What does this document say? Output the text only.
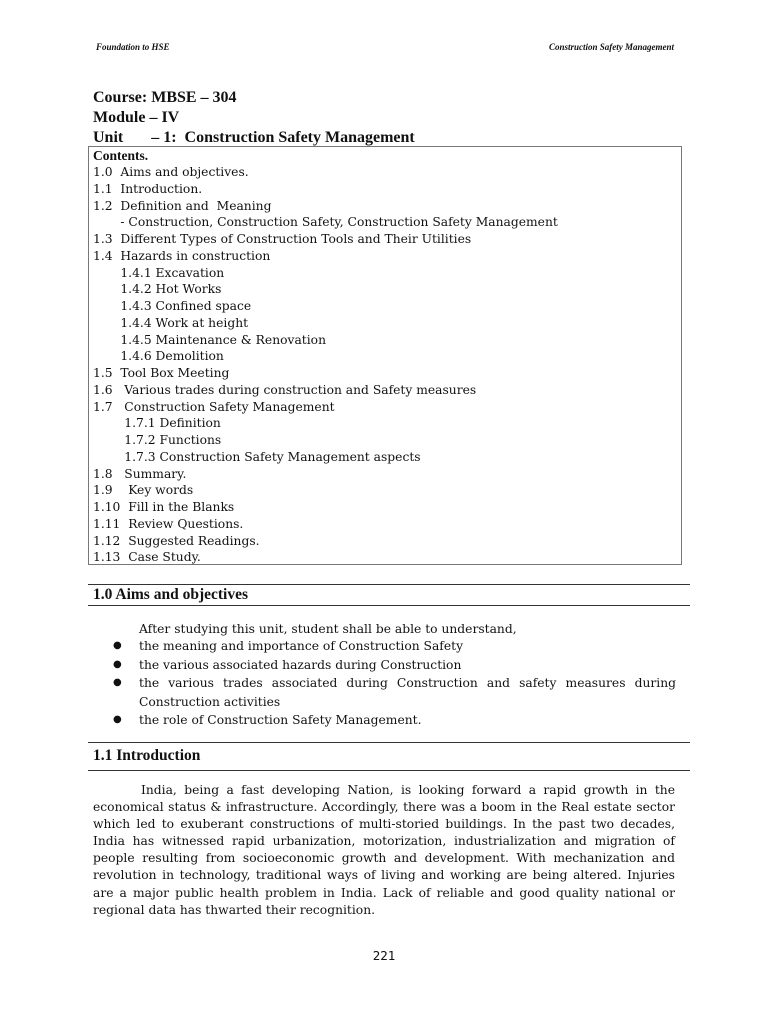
Foundation to HSE	Construction Safety Management
Course: MBSE – 304
Module – IV
Unit       – 1:  Construction Safety Management
Contents.
1.0  Aims and objectives.
1.1  Introduction.
1.2  Definition and  Meaning
- Construction, Construction Safety, Construction Safety Management
1.3  Different Types of Construction Tools and Their Utilities
1.4  Hazards in construction
1.4.1 Excavation
1.4.2 Hot Works
1.4.3 Confined space
1.4.4 Work at height
1.4.5 Maintenance & Renovation
1.4.6 Demolition
1.5  Tool Box Meeting
1.6   Various trades during construction and Safety measures
1.7   Construction Safety Management
1.7.1 Definition
1.7.2 Functions
1.7.3 Construction Safety Management aspects
1.8   Summary.
1.9    Key words
1.10  Fill in the Blanks
1.11  Review Questions.
1.12  Suggested Readings.
1.13  Case Study.
1.0 Aims and objectives
After studying this unit, student shall be able to understand,
●	the meaning and importance of Construction Safety
●	the various associated hazards during Construction
●	the various trades associated during Construction and safety measures during Construction activities
●	the role of Construction Safety Management.
1.1 Introduction
India, being a fast developing Nation, is looking forward a rapid growth in the economical status & infrastructure. Accordingly, there was a boom in the Real estate sector which led to exuberant constructions of multi-storied buildings. In the past two decades, India has witnessed rapid urbanization, motorization, industrialization and migration of people resulting from socioeconomic growth and development. With mechanization and revolution in technology, traditional ways of living and working are being altered. Injuries are a major public health problem in India. Lack of reliable and good quality national or regional data has thwarted their recognition.
221
